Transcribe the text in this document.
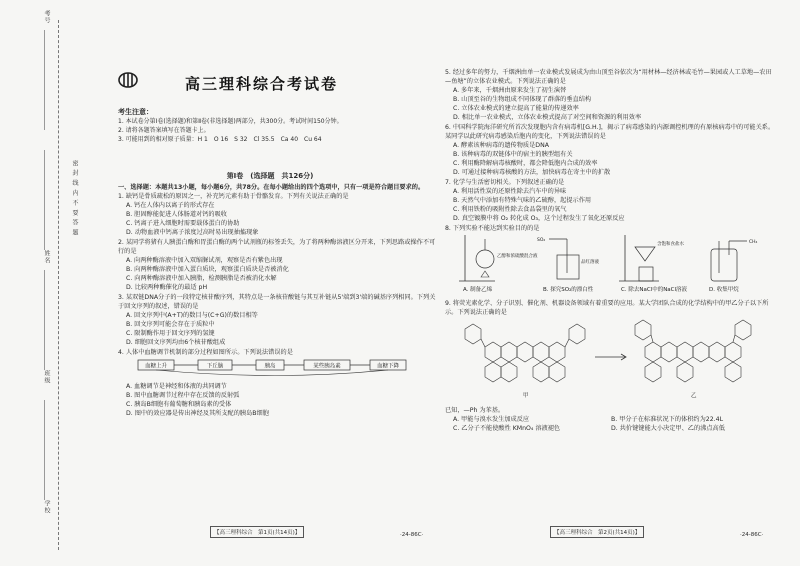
密 封 线 内 不 要 答 题
考号
姓名
班级
学校
高三理科综合考试卷
考生注意：
1. 本试卷分第Ⅰ卷(选择题)和第Ⅱ卷(非选择题)两部分，共300分。考试时间150分钟。
2. 请将各题答案填写在答题卡上。
3. 可能用到的相对原子质量：H 1　O 16　S 32　Cl 35.5　Ca 40　Cu 64
第Ⅰ卷　(选择题　共126分)
一、选择题：本题共13小题，每小题6分，共78分。在每小题给出的四个选项中，只有一项是符合题目要求的。
1. 缺钙是骨质疏松的原因之一，补充钙元素有助于骨骼发育。下列有关说法正确的是
A. 钙在人体内以离子的形式存在
B. 胆固醇能促进人体肠道对钙的吸收
C. 钙离子进入细胞时需要载体蛋白的协助
D. 动物血液中钙离子浓度过高时易出现抽搐现象
2. 某同学将猪有人胰蛋白酶和胃蛋白酶的两个试剂瓶的标签丢失，为了将两种酶溶液区分开来，下列思路或操作不可行的是
A. 向两种酶溶液中加入双缩脲试剂，观察是否有紫色出现
B. 向两种酶溶液中加入蛋白质块，观察蛋白质块是否被消化
C. 向两种酶溶液中加入胰脂，检测胰脂是否被消化水解
D. 比较两种酶催化的最适 pH
3. 某双链DNA分子的一段特定核苷酸序列，其特点是一条核苷酸链与其互补链从5'端到3'端的碱基序列相同。下列关于回文序列的叙述，错误的是
A. 回文序列中(A+T)的数目与(C+G)的数目相等
B. 回文序列可能会存在于质粒中
C. 限制酶作用于回文序列的氢键
D. 细胞回文序列均由6个核苷酸组成
4. 人体中血糖调节机制的部分过程如图所示。下列说法错误的是
血糖上升	下丘脑	胰岛	某些胰岛素	血糖下降
A. 血糖调节是神经和体液的共同调节
B. 图中血糖调节过程中存在反馈的反射弧
C. 胰岛B细胞有葡萄糖和胰岛素的受体
D. 图中的效应器是传出神经及其所支配的胰岛B细胞
【高三理科综合　第1页(共14页)】	·24-86C·
5. 经过多年的努力，千烟洲由单一农业模式发展成为由山顶至谷依次为“用材林—经济林或毛竹—果园或人工草地—农田—鱼塘”的立体农业模式。下列说法正确的是
A. 多年来，千烟洲由原来发生了初生演替
B. 山顶至谷的生物组成不同体现了群落的垂直结构
C. 立体农业模式的建立提高了能量的传递效率
D. 相比单一农业模式，立体农业模式提高了对空间和资源的利用效率
6. 中国科学院海洋研究所首次发现胞内含有病毒机[G.H.]，揭示了病毒感染的内源调控机理的有原核病毒中的可能关系。某同学以此研究病毒感染后胞内的变化，下列说法错误的是
A. 酵素该种病毒的遗传物质是DNA
B. 该种病毒的双链体中的宿主的胰型组有关
C. 利用酶降解病毒核酸时，都会降低胞内合成的效率
D. 可通过接种病毒核酸的方法，加快病毒在寄主中的扩散
7. 化学与生活密切相关。下列叙述正确的是
A. 利用活性炭的还原性除去汽车中的异味
B. 天然气中添加有特殊气味的乙硫醇，起提示作用
C. 利用铁粉的吸附性除去食品袋里的氧气
D. 真空镀膜中将 O₂ 转化成 O₃，这个过程发生了氧化还原反应
8. 下列实验不能达到实验目的的是
乙醇和浓硫酸混合液
A. 制备乙烯
SO₂
品红溶液
B. 探究SO₂的漂白性
含饱和食盐水
C. 除去NaCl中的NaCl溶液
CH₄
D. 收集甲烷
9. 将荧光素化学、分子识别、催化剂、机器设备领域有着重要的应用。某大学团队合成的化学结构中的甲乙分子以下所示。下列说法正确的是
甲	乙
已知，—Ph 为苯基。
A. 甲能与溴水发生加成反应	B. 甲分子在标准状况下的体积约为22.4L
C. 乙分子不能使酸性 KMnO₄ 溶液褪色	D. 共价键键能大小决定甲、乙的沸点高低
【高三理科综合　第2页(共14页)】	·24-86C·
